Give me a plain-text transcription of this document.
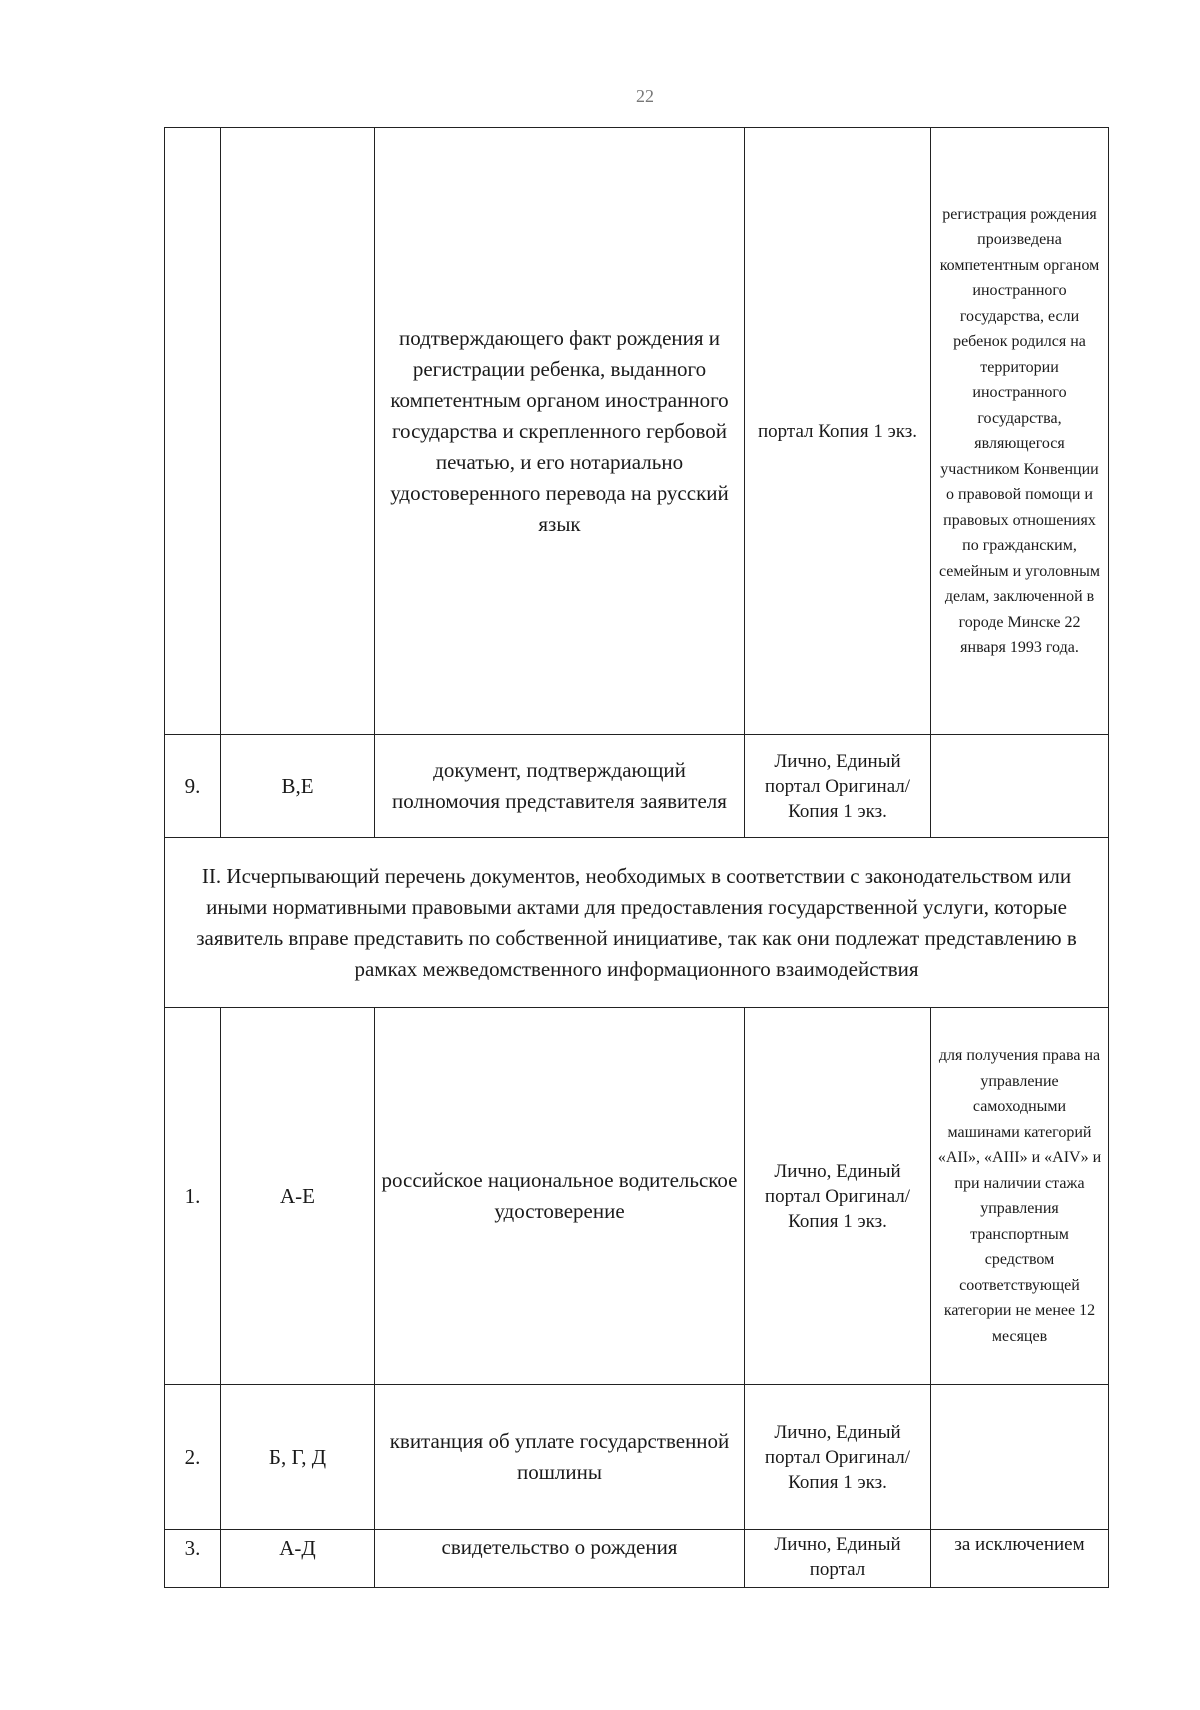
22
		подтверждающего факт рождения и регистрации ребенка, выданного компетентным органом иностранного государства и скрепленного гербовой печатью, и его нотариально удостоверенного перевода на русский язык	портал Копия 1 экз.	регистрация рождения произведена компетентным органом иностранного государства, если ребенок родился на территории иностранного государства, являющегося участником Конвенции о правовой помощи и правовых отношениях по гражданским, семейным и уголовным делам, заключенной в городе Минске 22 января 1993 года.
9.	В,Е	документ, подтверждающий полномочия представителя заявителя	Лично, Единый портал Оригинал/Копия 1 экз.	
II. Исчерпывающий перечень документов, необходимых в соответствии с законодательством или иными нормативными правовыми актами для предоставления государственной услуги, которые заявитель вправе представить по собственной инициативе, так как они подлежат представлению в рамках межведомственного информационного взаимодействия				
1.	А-Е	российское национальное водительское удостоверение	Лично, Единый портал Оригинал/Копия 1 экз.	для получения права на управление самоходными машинами категорий «AII», «AIII» и «AIV» и при наличии стажа управления транспортным средством соответствующей категории не менее 12 месяцев
2.	Б, Г, Д	квитанция об уплате государственной пошлины	Лично, Единый портал Оригинал/Копия 1 экз.	
3.	А-Д	свидетельство о рождения	Лично, Единый портал	за исключением
